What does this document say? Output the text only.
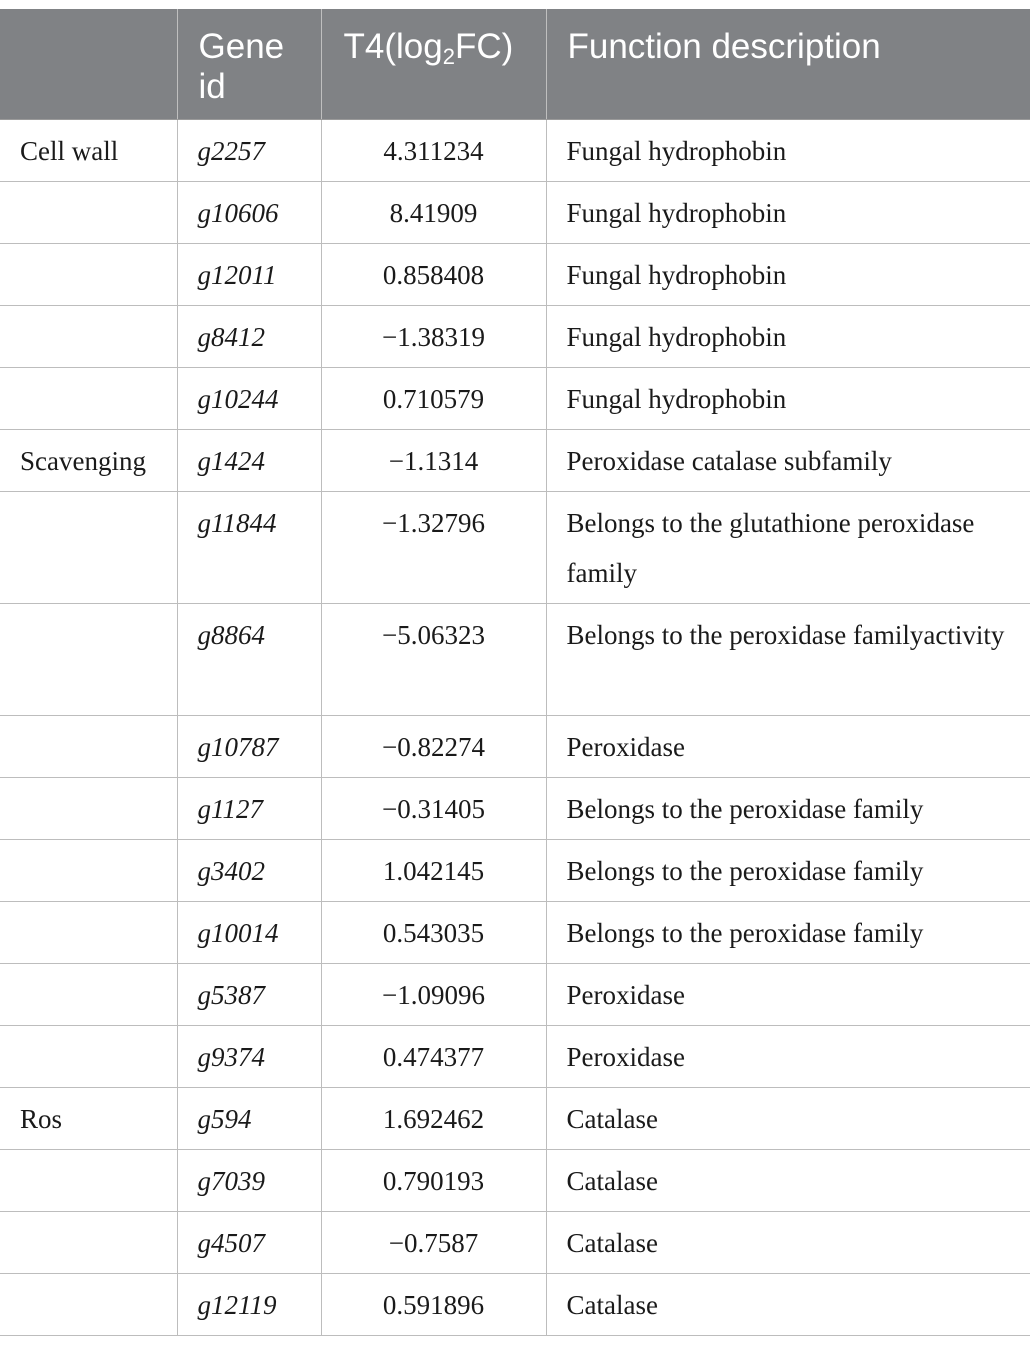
	Gene id	$T4(\log_2FC)$	Function description
Cell wall	g2257	4.311234	Fungal hydrophobin
	g10606	8.41909	Fungal hydrophobin
	g12011	0.858408	Fungal hydrophobin
	g8412	−1.38319	Fungal hydrophobin
	g10244	0.710579	Fungal hydrophobin
Scavenging	g1424	−1.1314	Peroxidase catalase subfamily
	g11844	−1.32796	Belongs to the glutathione peroxidase family
	g8864	−5.06323	Belongs to the peroxidase familyactivity
	g10787	−0.82274	Peroxidase
	g1127	−0.31405	Belongs to the peroxidase family
	g3402	1.042145	Belongs to the peroxidase family
	g10014	0.543035	Belongs to the peroxidase family
	g5387	−1.09096	Peroxidase
	g9374	0.474377	Peroxidase
Ros	g594	1.692462	Catalase
	g7039	0.790193	Catalase
	g4507	−0.7587	Catalase
	g12119	0.591896	Catalase
